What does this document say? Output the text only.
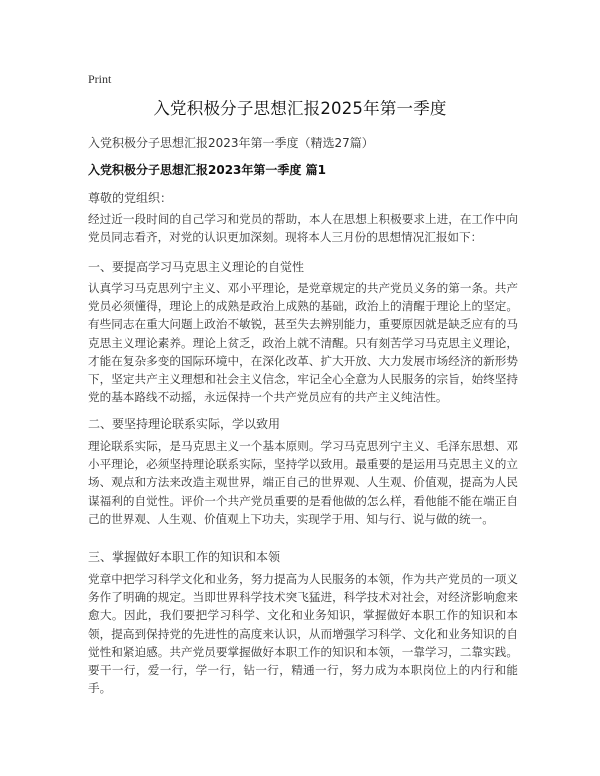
Print
入党积极分子思想汇报2025年第一季度
入党积极分子思想汇报2023年第一季度（精选27篇）
入党积极分子思想汇报2023年第一季度 篇1
尊敬的党组织：
经过近一段时间的自己学习和党员的帮助，本人在思想上积极要求上进，在工作中向党员同志看齐，对党的认识更加深刻。现将本人三月份的思想情况汇报如下：
一、要提高学习马克思主义理论的自觉性
认真学习马克思列宁主义、邓小平理论，是党章规定的共产党员义务的第一条。共产党员必须懂得，理论上的成熟是政治上成熟的基础，政治上的清醒于理论上的坚定。有些同志在重大问题上政治不敏锐，甚至失去辨别能力，重要原因就是缺乏应有的马克思主义理论素养。理论上贫乏，政治上就不清醒。只有刻苦学习马克思主义理论，才能在复杂多变的国际环境中，在深化改革、扩大开放、大力发展市场经济的新形势下，坚定共产主义理想和社会主义信念，牢记全心全意为人民服务的宗旨，始终坚持党的基本路线不动摇，永远保持一个共产党员应有的共产主义纯洁性。
二、要坚持理论联系实际，学以致用
理论联系实际，是马克思主义一个基本原则。学习马克思列宁主义、毛泽东思想、邓小平理论，必须坚持理论联系实际，坚持学以致用。最重要的是运用马克思主义的立场、观点和方法来改造主观世界，端正自己的世界观、人生观、价值观，提高为人民谋福利的自觉性。评价一个共产党员重要的是看他做的怎么样，看他能不能在端正自己的世界观、人生观、价值观上下功夫，实现学于用、知与行、说与做的统一。
三、掌握做好本职工作的知识和本领
党章中把学习科学文化和业务，努力提高为人民服务的本领，作为共产党员的一项义务作了明确的规定。当即世界科学技术突飞猛进，科学技术对社会，对经济影响愈来愈大。因此，我们要把学习科学、文化和业务知识，掌握做好本职工作的知识和本领，提高到保持党的先进性的高度来认识，从而增强学习科学、文化和业务知识的自觉性和紧迫感。共产党员要掌握做好本职工作的知识和本领，一靠学习，二靠实践。要干一行，爱一行，学一行，钻一行，精通一行，努力成为本职岗位上的内行和能手。
